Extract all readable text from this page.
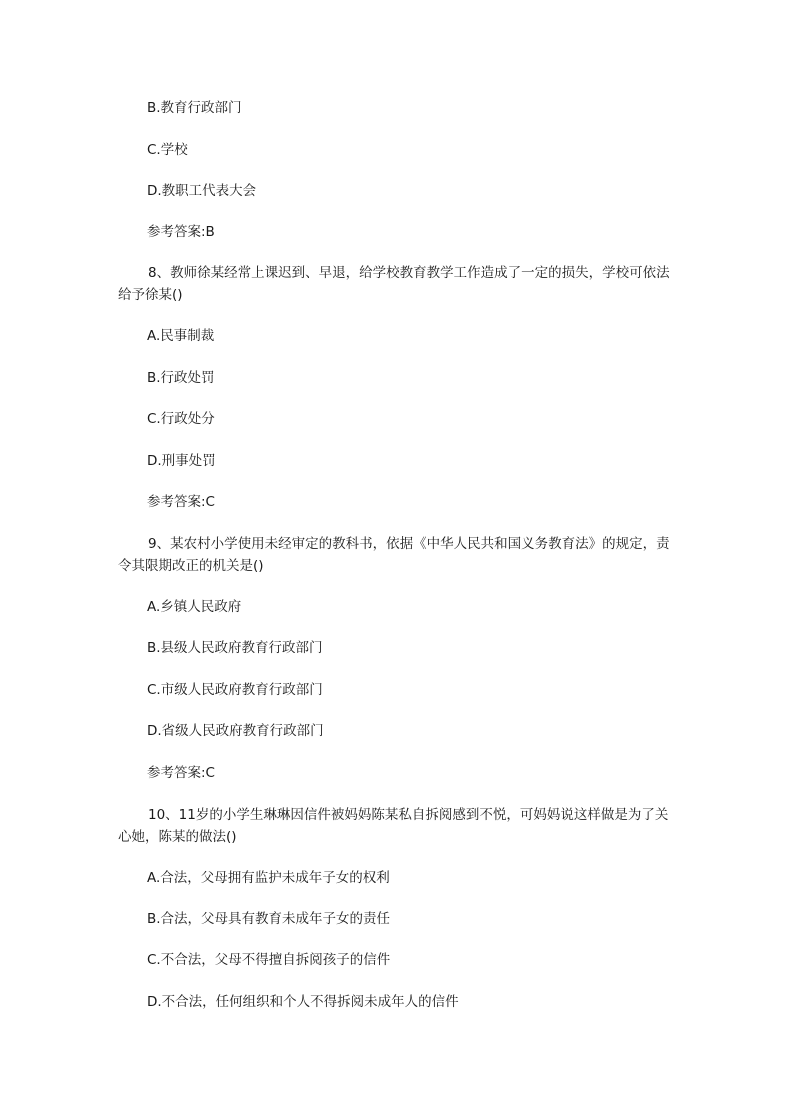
B.教育行政部门
C.学校
D.教职工代表大会
参考答案:B
8、教师徐某经常上课迟到、早退，给学校教育教学工作造成了一定的损失，学校可依法给予徐某()
A.民事制裁
B.行政处罚
C.行政处分
D.刑事处罚
参考答案:C
9、某农村小学使用未经审定的教科书，依据《中华人民共和国义务教育法》的规定，责令其限期改正的机关是()
A.乡镇人民政府
B.县级人民政府教育行政部门
C.市级人民政府教育行政部门
D.省级人民政府教育行政部门
参考答案:C
10、11岁的小学生琳琳因信件被妈妈陈某私自拆阅感到不悦，可妈妈说这样做是为了关心她，陈某的做法()
A.合法，父母拥有监护未成年子女的权利
B.合法，父母具有教育未成年子女的责任
C.不合法，父母不得擅自拆阅孩子的信件
D.不合法，任何组织和个人不得拆阅未成年人的信件
